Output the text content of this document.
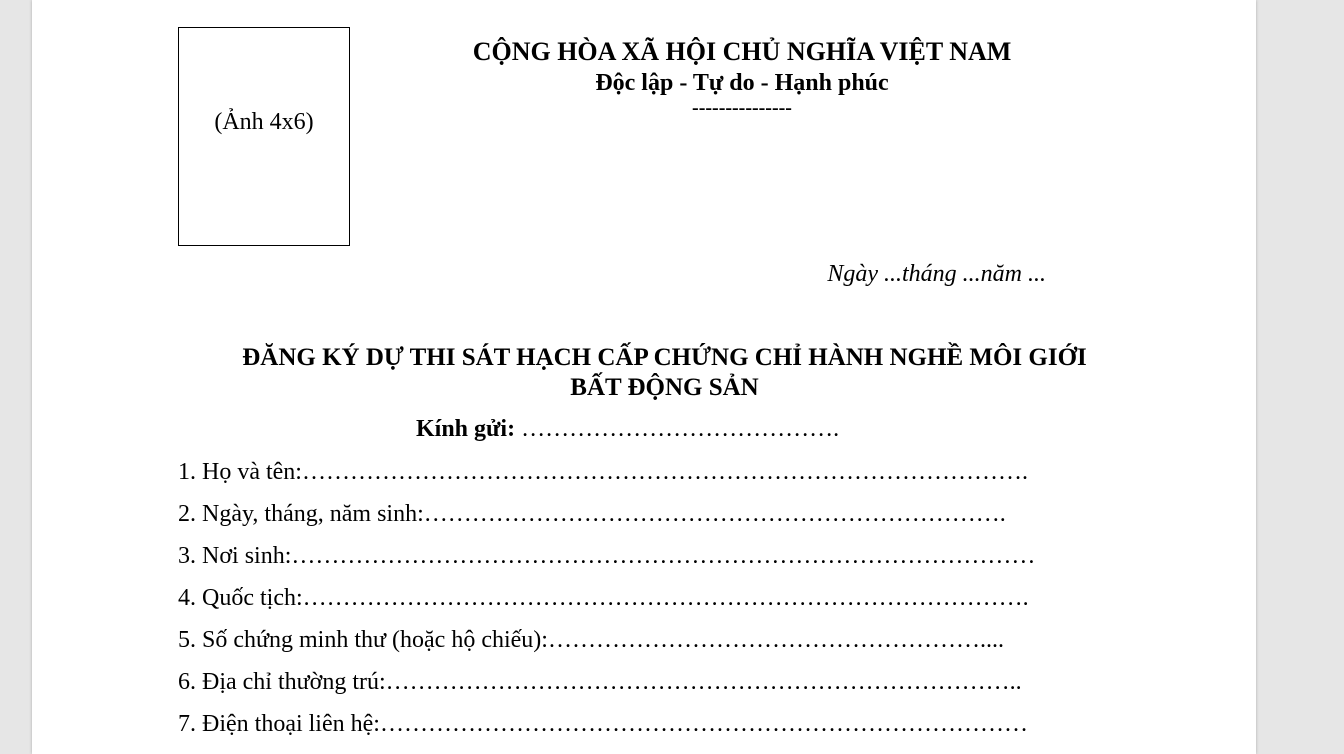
(Ảnh 4x6)
CỘNG HÒA XÃ HỘI CHỦ NGHĨA VIỆT NAM
Độc lập - Tự do - Hạnh phúc
---------------
Ngày ...tháng ...năm ...
ĐĂNG KÝ DỰ THI SÁT HẠCH CẤP CHỨNG CHỈ HÀNH NGHỀ MÔI GIỚI
BẤT ĐỘNG SẢN
Kính gửi: ………………………………….
1. Họ và tên:……………………………………………………………………………….
2. Ngày, tháng, năm sinh:……………………………………………………………….
3. Nơi sinh:…………………………………………………………………………………
4. Quốc tịch:……………………………………………………………………………….
5. Số chứng minh thư (hoặc hộ chiếu):………………………………………………....
6. Địa chỉ thường trú:……………………………………………………………………..
7. Điện thoại liên hệ:………………………………………………………………………
